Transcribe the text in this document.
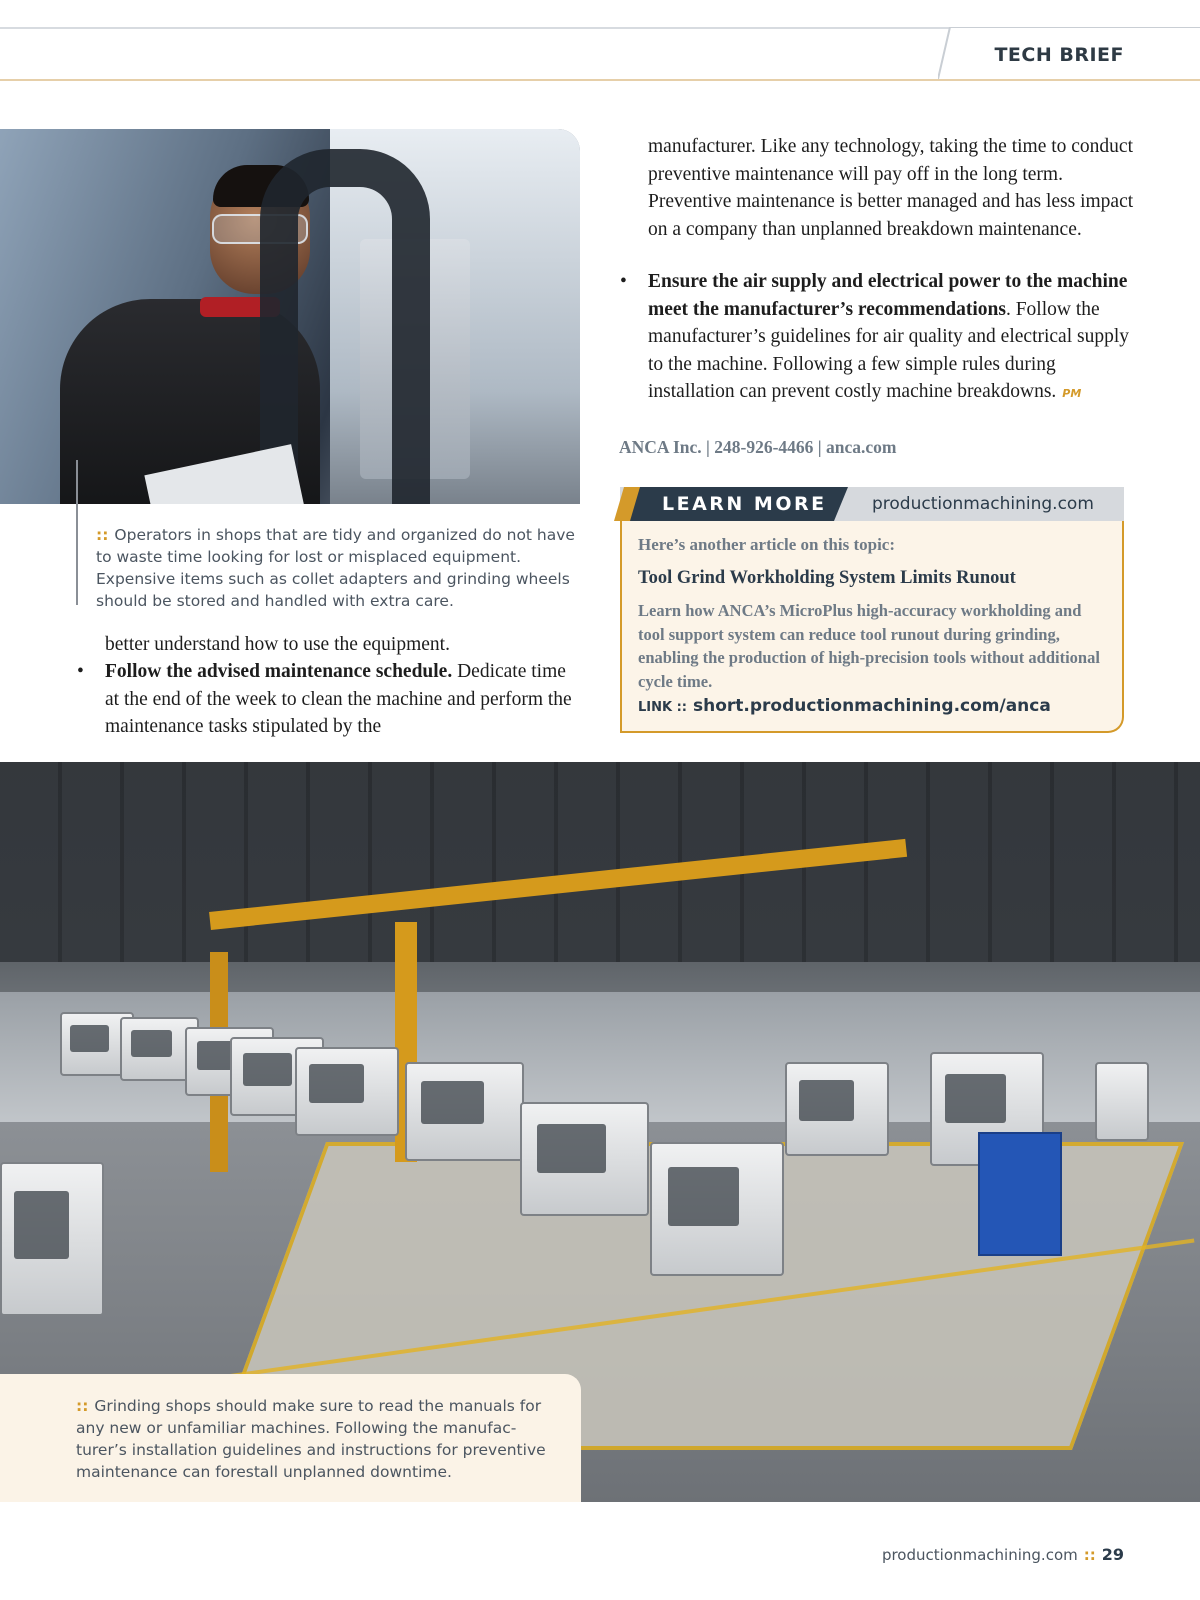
TECH BRIEF
:: Operators in shops that are tidy and organized do not have to waste time looking for lost or misplaced equipment. Expensive items such as collet adapters and grinding wheels should be stored and handled with extra care.
better understand how to use the equipment.
• Follow the advised maintenance schedule. Dedicate time at the end of the week to clean the machine and perform the maintenance tasks stipulated by the
manufacturer. Like any technology, taking the time to conduct preventive maintenance will pay off in the long term. Preventive maintenance is better managed and has less impact on a company than unplanned breakdown maintenance.
• Ensure the air supply and electrical power to the machine meet the manufacturer’s recommendations. Follow the manufacturer’s guidelines for air quality and electrical supply to the machine. Following a few simple rules during installation can prevent costly machine breakdowns. PM
ANCA Inc. | 248-926-4466 | anca.com
LEARN MORE	productionmachining.com
Here’s another article on this topic:
Tool Grind Workholding System Limits Runout
Learn how ANCA’s MicroPlus high-accuracy workholding and tool support system can reduce tool runout during grinding, enabling the production of high-precision tools without additional cycle time.
LINK :: short.productionmachining.com/anca
:: Grinding shops should make sure to read the manuals for any new or unfamiliar machines. Following the manufac-turer’s installation guidelines and instructions for preventive maintenance can forestall unplanned downtime.
productionmachining.com :: 29
